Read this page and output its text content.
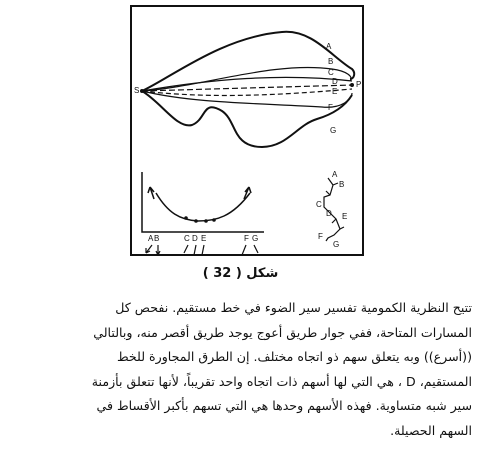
S
P
A
B
C
D
E
F
G
A B	C D E	F G
A
B
C
D E
F
G
شكل ( 32 )
تتيح النظرية الكمومية تفسير سير الضوء في خط مستقيم. نفحص كل
المسارات المتاحة، ففي جوار طريق أعوج يوجد طريق أقصر منه، وبالتالي
((أسرع)) وبه يتعلق سهم ذو اتجاه مختلف. إن الطرق المجاورة للخط
المستقيم، D ، هي التي لها أسهم ذات اتجاه واحد تقريباً، لأنها تتعلق بأزمنة
سير شبه متساوية. فهذه الأسهم وحدها هي التي تسهم بأكبر الأقساط في
السهم الحصيلة.
